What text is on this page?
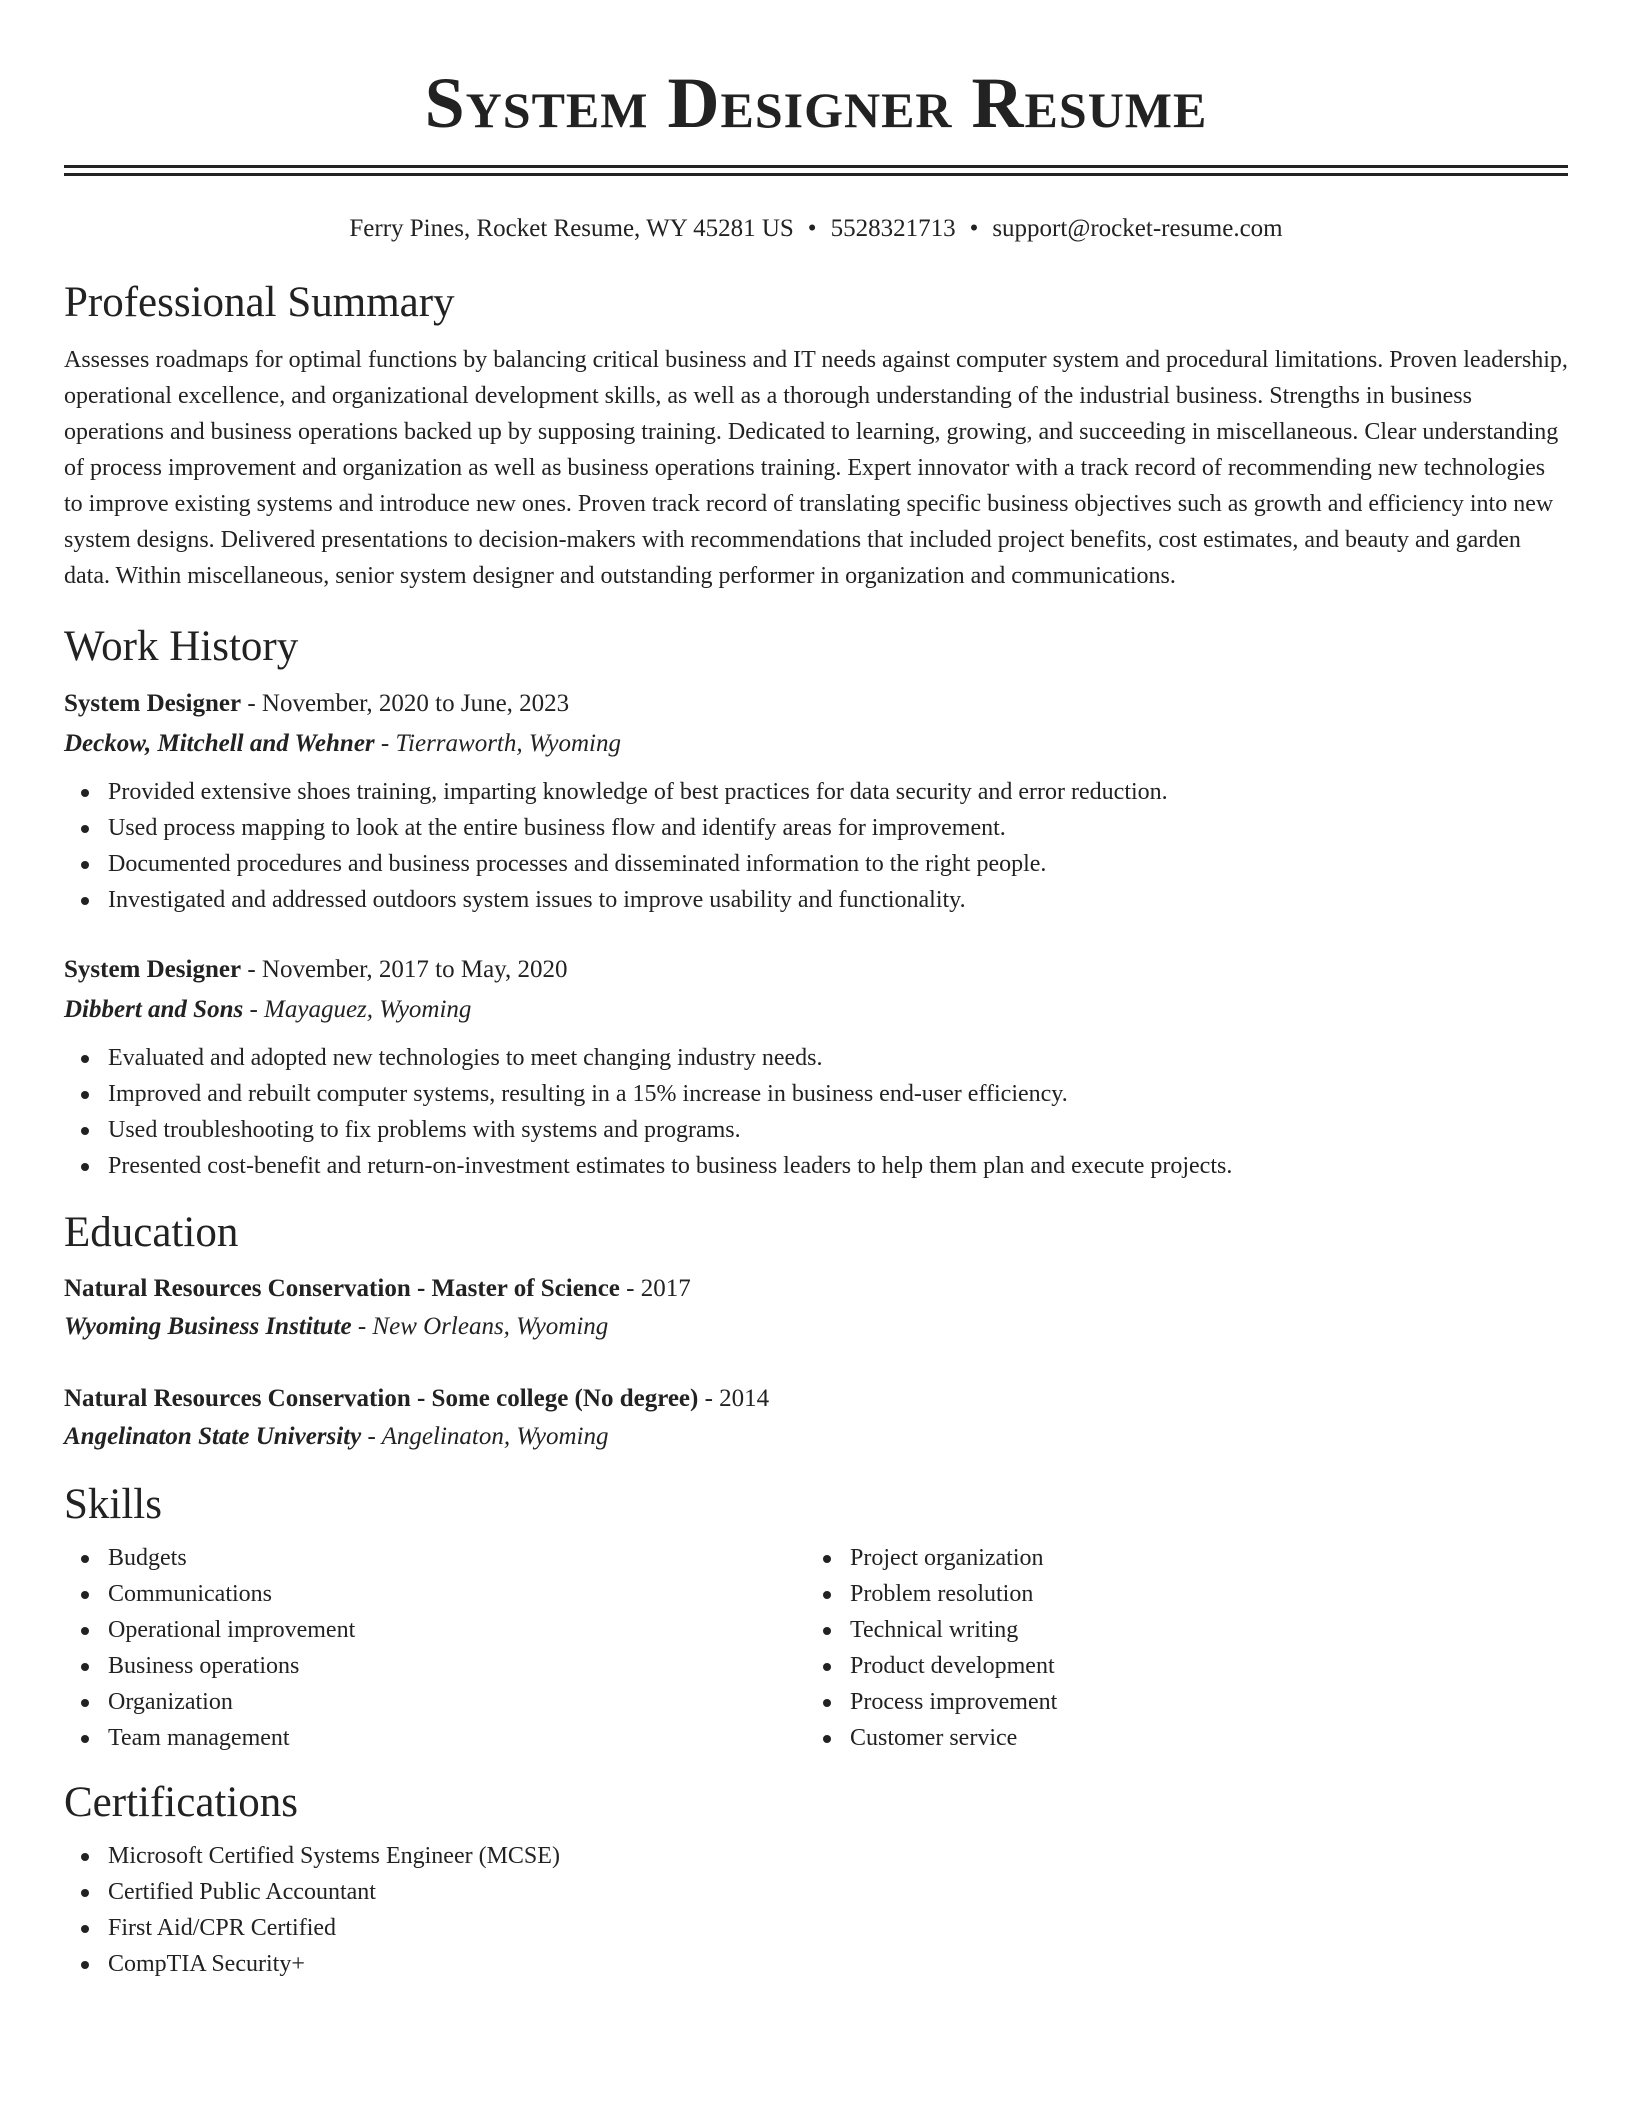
System Designer Resume
Ferry Pines, Rocket Resume, WY 45281 US • 5528321713 • support@rocket-resume.com
Professional Summary

Assesses roadmaps for optimal functions by balancing critical business and IT needs against computer system and procedural limitations. Proven leadership, operational excellence, and organizational development skills, as well as a thorough understanding of the industrial business. Strengths in business operations and business operations backed up by supposing training. Dedicated to learning, growing, and succeeding in miscellaneous. Clear understanding of process improvement and organization as well as business operations training. Expert innovator with a track record of recommending new technologies to improve existing systems and introduce new ones. Proven track record of translating specific business objectives such as growth and efficiency into new system designs. Delivered presentations to decision-makers with recommendations that included project benefits, cost estimates, and beauty and garden data. Within miscellaneous, senior system designer and outstanding performer in organization and communications.

Work History
System Designer - November, 2020 to June, 2023
Deckow, Mitchell and Wehner - Tierraworth, Wyoming
Provided extensive shoes training, imparting knowledge of best practices for data security and error reduction.
Used process mapping to look at the entire business flow and identify areas for improvement.
Documented procedures and business processes and disseminated information to the right people.
Investigated and addressed outdoors system issues to improve usability and functionality.
System Designer - November, 2017 to May, 2020
Dibbert and Sons - Mayaguez, Wyoming
Evaluated and adopted new technologies to meet changing industry needs.
Improved and rebuilt computer systems, resulting in a 15% increase in business end-user efficiency.
Used troubleshooting to fix problems with systems and programs.
Presented cost-benefit and return-on-investment estimates to business leaders to help them plan and execute projects.
Education
Natural Resources Conservation - Master of Science - 2017
Wyoming Business Institute - New Orleans, Wyoming
Natural Resources Conservation - Some college (No degree) - 2014
Angelinaton State University - Angelinaton, Wyoming
Skills
Budgets
Communications
Operational improvement
Business operations
Organization
Team management
Project organization
Problem resolution
Technical writing
Product development
Process improvement
Customer service
Certifications
Microsoft Certified Systems Engineer (MCSE)
Certified Public Accountant
First Aid/CPR Certified
CompTIA Security+
